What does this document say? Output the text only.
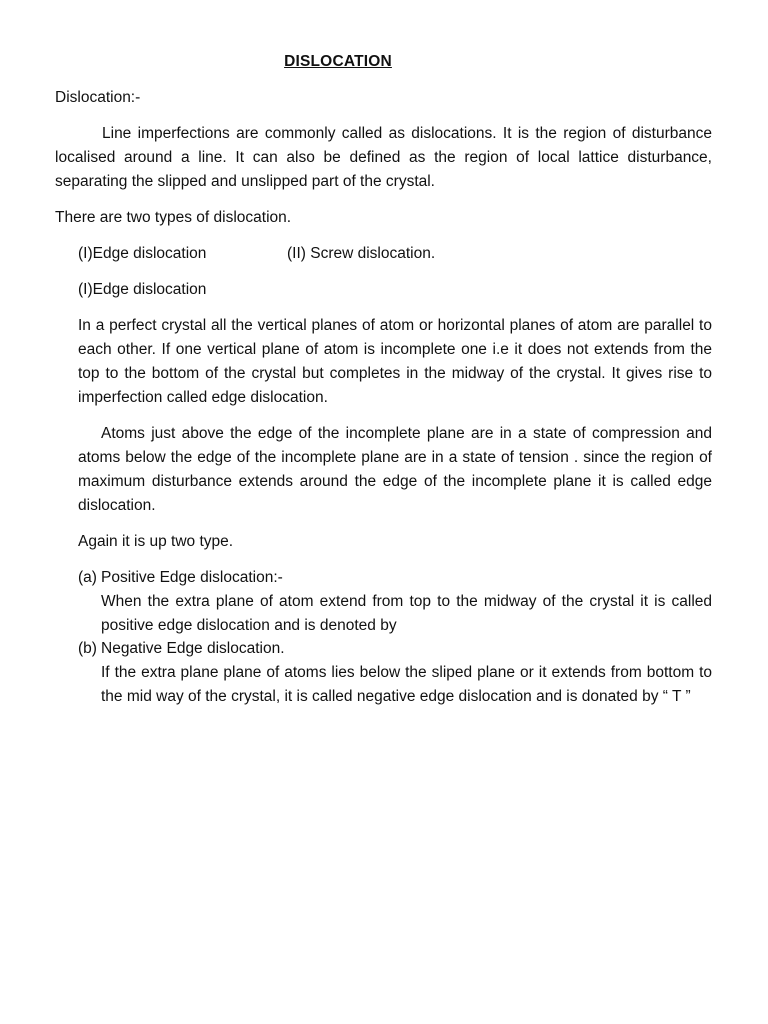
DISLOCATION

Dislocation:-

Line imperfections are commonly called as dislocations. It is the region of disturbance localised around a line. It can also be defined as the region of local lattice disturbance, separating the slipped and unslipped part of the crystal.

There are two types of dislocation.

(I)Edge dislocation	(II) Screw dislocation.

(I)Edge dislocation

In a perfect crystal all the vertical planes of atom or horizontal planes of atom are parallel to each other. If one vertical plane of atom is incomplete one i.e it does not extends from the top to the bottom of the crystal but completes in the midway of the crystal. It gives rise to imperfection called edge dislocation.

Atoms just above the edge of the incomplete plane are in a state of compression and atoms below the edge of the incomplete plane are in a state of tension . since the region of maximum disturbance extends around the edge of the incomplete plane it is called edge dislocation.

Again it is up two type.

(a) Positive Edge dislocation:-

When the extra plane of atom extend from top to the midway of the crystal it is called positive edge dislocation and is denoted by

(b) Negative Edge dislocation.

If the extra plane plane of atoms lies below the sliped plane or it extends from bottom to the mid way of the crystal, it is called negative edge dislocation and is donated by “ T ”
